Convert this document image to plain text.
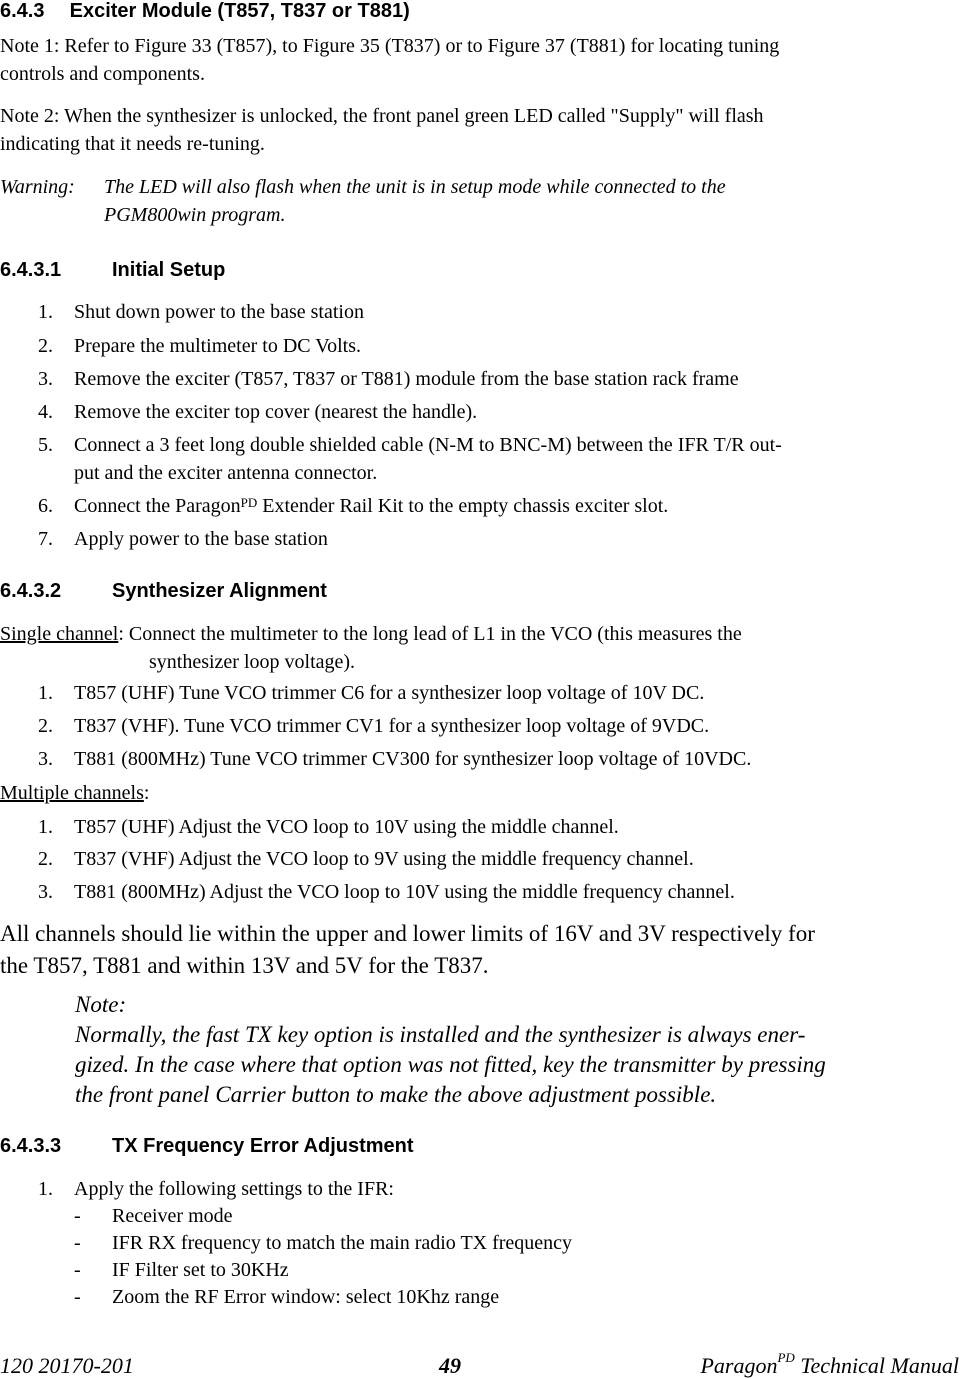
6.4.3 Exciter Module (T857, T837 or T881)
Note 1: Refer to Figure 33 (T857), to Figure 35 (T837) or to Figure 37 (T881) for locating tuning
controls and components.
Note 2: When the synthesizer is unlocked, the front panel green LED called "Supply" will flash
indicating that it needs re-tuning.
Warning: The LED will also flash when the unit is in setup mode while connected to the
PGM800win program.
6.4.3.1	Initial Setup
1. Shut down power to the base station
2. Prepare the multimeter to DC Volts.
3. Remove the exciter (T857, T837 or T881) module from the base station rack frame
4. Remove the exciter top cover (nearest the handle).
5. Connect a 3 feet long double shielded cable (N-M to BNC-M) between the IFR T/R out-
put and the exciter antenna connector.
6. Connect the Paragon$^{PD}$ Extender Rail Kit to the empty chassis exciter slot.
7. Apply power to the base station
6.4.3.2	Synthesizer Alignment
Single channel: Connect the multimeter to the long lead of L1 in the VCO (this measures the
synthesizer loop voltage).
1. T857 (UHF) Tune VCO trimmer C6 for a synthesizer loop voltage of 10V DC.
2. T837 (VHF). Tune VCO trimmer CV1 for a synthesizer loop voltage of 9VDC.
3. T881 (800MHz) Tune VCO trimmer CV300 for synthesizer loop voltage of 10VDC.
Multiple channels:
1. T857 (UHF) Adjust the VCO loop to 10V using the middle channel.
2. T837 (VHF) Adjust the VCO loop to 9V using the middle frequency channel.
3. T881 (800MHz) Adjust the VCO loop to 10V using the middle frequency channel.
All channels should lie within the upper and lower limits of 16V and 3V respectively for
the T857, T881 and within 13V and 5V for the T837.
Note:
Normally, the fast TX key option is installed and the synthesizer is always ener-
gized. In the case where that option was not fitted, key the transmitter by pressing
the front panel Carrier button to make the above adjustment possible.
6.4.3.3	TX Frequency Error Adjustment
1. Apply the following settings to the IFR:
- Receiver mode
- IFR RX frequency to match the main radio TX frequency
- IF Filter set to 30KHz
- Zoom the RF Error window: select 10Khz range
120 20170-201	49	Paragon$^{PD}$ Technical Manual
